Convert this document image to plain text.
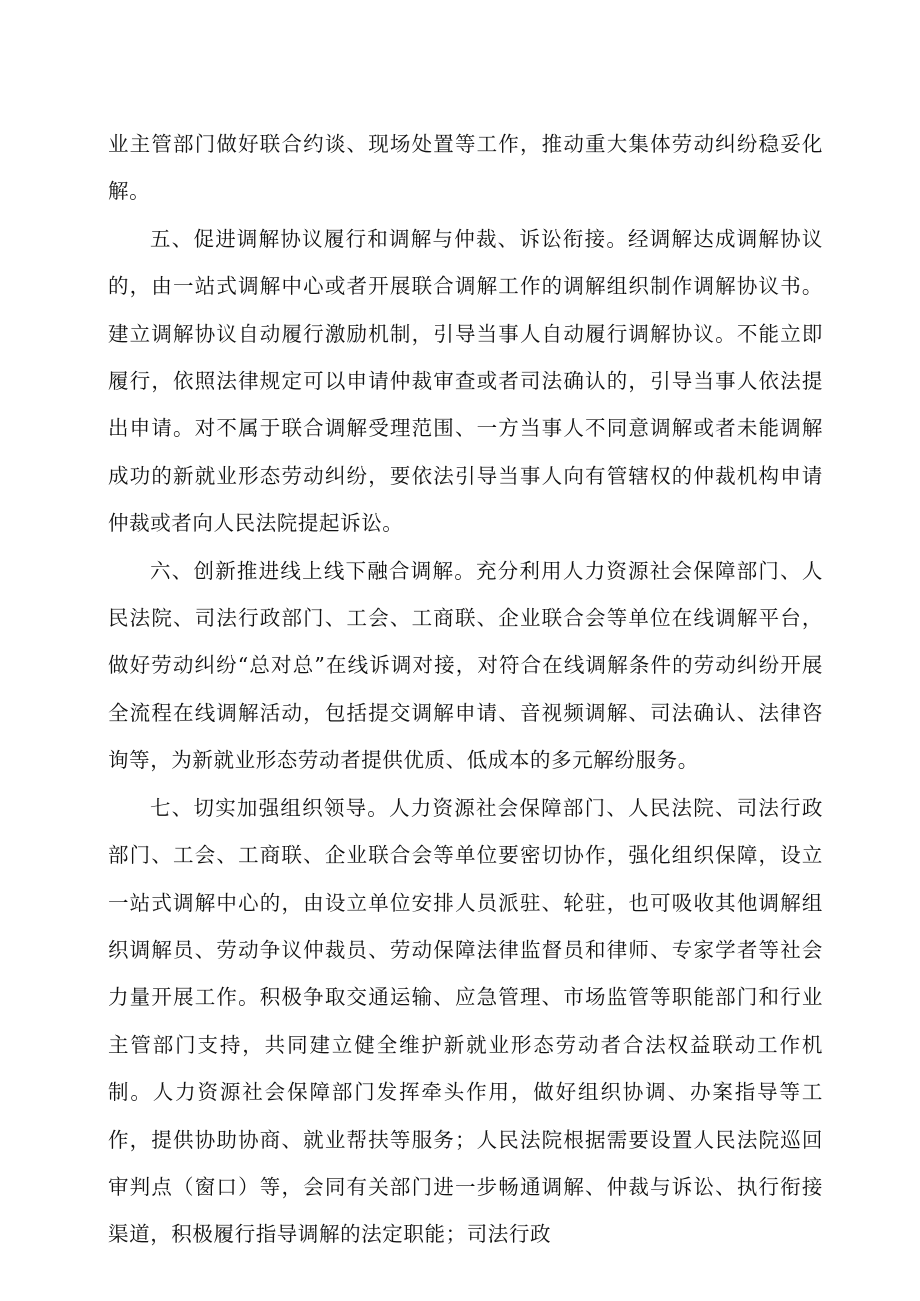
业主管部门做好联合约谈、现场处置等工作，推动重大集体劳动纠纷稳妥化解。

五、促进调解协议履行和调解与仲裁、诉讼衔接。经调解达成调解协议的，由一站式调解中心或者开展联合调解工作的调解组织制作调解协议书。建立调解协议自动履行激励机制，引导当事人自动履行调解协议。不能立即履行，依照法律规定可以申请仲裁审查或者司法确认的，引导当事人依法提出申请。对不属于联合调解受理范围、一方当事人不同意调解或者未能调解成功的新就业形态劳动纠纷，要依法引导当事人向有管辖权的仲裁机构申请仲裁或者向人民法院提起诉讼。

六、创新推进线上线下融合调解。充分利用人力资源社会保障部门、人民法院、司法行政部门、工会、工商联、企业联合会等单位在线调解平台，做好劳动纠纷“总对总”在线诉调对接，对符合在线调解条件的劳动纠纷开展全流程在线调解活动，包括提交调解申请、音视频调解、司法确认、法律咨询等，为新就业形态劳动者提供优质、低成本的多元解纷服务。

七、切实加强组织领导。人力资源社会保障部门、人民法院、司法行政部门、工会、工商联、企业联合会等单位要密切协作，强化组织保障，设立一站式调解中心的，由设立单位安排人员派驻、轮驻，也可吸收其他调解组织调解员、劳动争议仲裁员、劳动保障法律监督员和律师、专家学者等社会力量开展工作。积极争取交通运输、应急管理、市场监管等职能部门和行业主管部门支持，共同建立健全维护新就业形态劳动者合法权益联动工作机制。人力资源社会保障部门发挥牵头作用，做好组织协调、办案指导等工作，提供协助协商、就业帮扶等服务；人民法院根据需要设置人民法院巡回审判点（窗口）等，会同有关部门进一步畅通调解、仲裁与诉讼、执行衔接渠道，积极履行指导调解的法定职能；司法行政
